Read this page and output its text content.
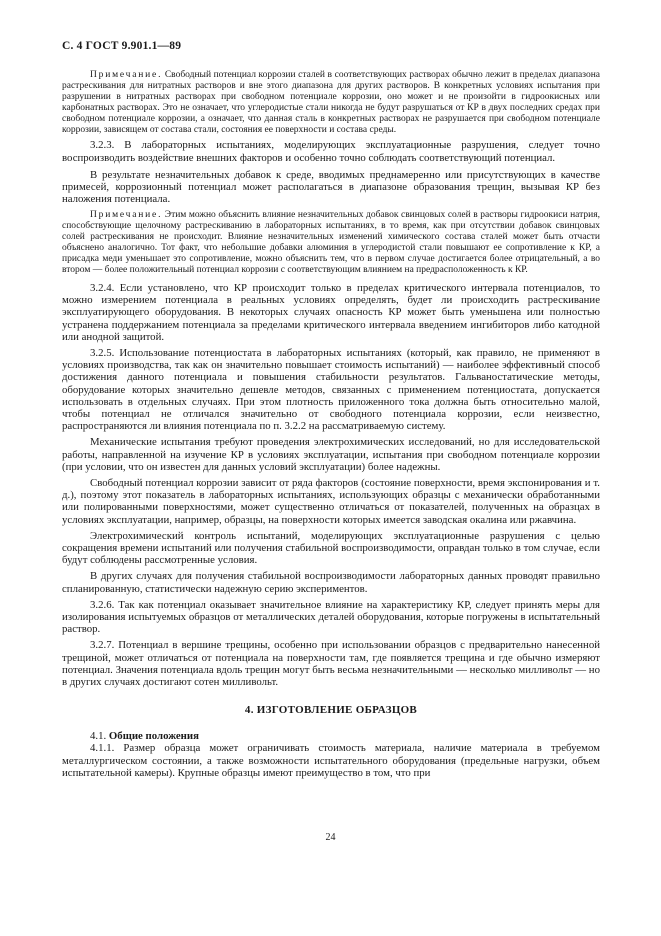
С. 4 ГОСТ 9.901.1—89

Примечание. Свободный потенциал коррозии сталей в соответствующих растворах обычно лежит в пределах диапазона растрескивания для нитратных растворов и вне этого диапазона для других растворов. В конкретных условиях испытания при разрушении в нитратных растворах при свободном потенциале коррозии, оно может и не произойти в гидроокисных или карбонатных растворах. Это не означает, что углеродистые стали никогда не будут разрушаться от КР в двух последних средах при свободном потенциале коррозии, а означает, что данная сталь в конкретных растворах не разрушается при свободном потенциале коррозии, зависящем от состава стали, состояния ее поверхности и состава среды.

3.2.3. В лабораторных испытаниях, моделирующих эксплуатационные разрушения, следует точно воспроизводить воздействие внешних факторов и особенно точно соблюдать соответствующий потенциал.

В результате незначительных добавок к среде, вводимых преднамеренно или присутствующих в качестве примесей, коррозионный потенциал может располагаться в диапазоне образования трещин, вызывая КР без наложения потенциала.

Примечание. Этим можно объяснить влияние незначительных добавок свинцовых солей в растворы гидроокиси натрия, способствующие щелочному растрескиванию в лабораторных испытаниях, в то время, как при отсутствии добавок свинцовых солей растрескивания не происходит. Влияние незначительных изменений химического состава сталей может быть отчасти объяснено аналогично. Тот факт, что небольшие добавки алюминия в углеродистой стали повышают ее сопротивление к КР, а присадка меди уменьшает это сопротивление, можно объяснить тем, что в первом случае достигается более отрицательный, а во втором — более положительный потенциал коррозии с соответствующим влиянием на предрасположенность к КР.

3.2.4. Если установлено, что КР происходит только в пределах критического интервала потенциалов, то можно измерением потенциала в реальных условиях определять, будет ли происходить растрескивание эксплуатирующего оборудования. В некоторых случаях опасность КР может быть уменьшена или полностью устранена поддержанием потенциала за пределами критического интервала введением ингибиторов либо катодной или анодной защитой.

3.2.5. Использование потенциостата в лабораторных испытаниях (который, как правило, не применяют в условиях производства, так как он значительно повышает стоимость испытаний) — наиболее эффективный способ достижения данного потенциала и повышения стабильности результатов. Гальваностатические методы, оборудование которых значительно дешевле методов, связанных с применением потенциостата, допускается использовать в отдельных случаях. При этом плотность приложенного тока должна быть относительно малой, чтобы потенциал не отличался значительно от свободного потенциала коррозии, если неизвестно, распространяются ли влияния потенциала по п. 3.2.2 на рассматриваемую систему.

Механические испытания требуют проведения электрохимических исследований, но для исследовательской работы, направленной на изучение КР в условиях эксплуатации, испытания при свободном потенциале коррозии (при условии, что он известен для данных условий эксплуатации) более надежны.

Свободный потенциал коррозии зависит от ряда факторов (состояние поверхности, время экспонирования и т. д.), поэтому этот показатель в лабораторных испытаниях, использующих образцы с механически обработанными или полированными поверхностями, может существенно отличаться от показателей, полученных на образцах в условиях эксплуатации, например, образцы, на поверхности которых имеется заводская окалина или ржавчина.

Электрохимический контроль испытаний, моделирующих эксплуатационные разрушения с целью сокращения времени испытаний или получения стабильной воспроизводимости, оправдан только в том случае, если будут соблюдены рассмотренные условия.

В других случаях для получения стабильной воспроизводимости лабораторных данных проводят правильно спланированную, статистически надежную серию экспериментов.

3.2.6. Так как потенциал оказывает значительное влияние на характеристику КР, следует принять меры для изолирования испытуемых образцов от металлических деталей оборудования, которые погружены в испытательный раствор.

3.2.7. Потенциал в вершине трещины, особенно при использовании образцов с предварительно нанесенной трещиной, может отличаться от потенциала на поверхности там, где появляется трещина и где обычно измеряют потенциал. Значения потенциала вдоль трещин могут быть весьма незначительными — несколько милливольт — но в других случаях достигают сотен милливольт.

4. ИЗГОТОВЛЕНИЕ ОБРАЗЦОВ

4.1. Общие положения

4.1.1. Размер образца может ограничивать стоимость материала, наличие материала в требуемом металлургическом состоянии, а также возможности испытательного оборудования (предельные нагрузки, объем испытательной камеры). Крупные образцы имеют преимущество в том, что при

24
